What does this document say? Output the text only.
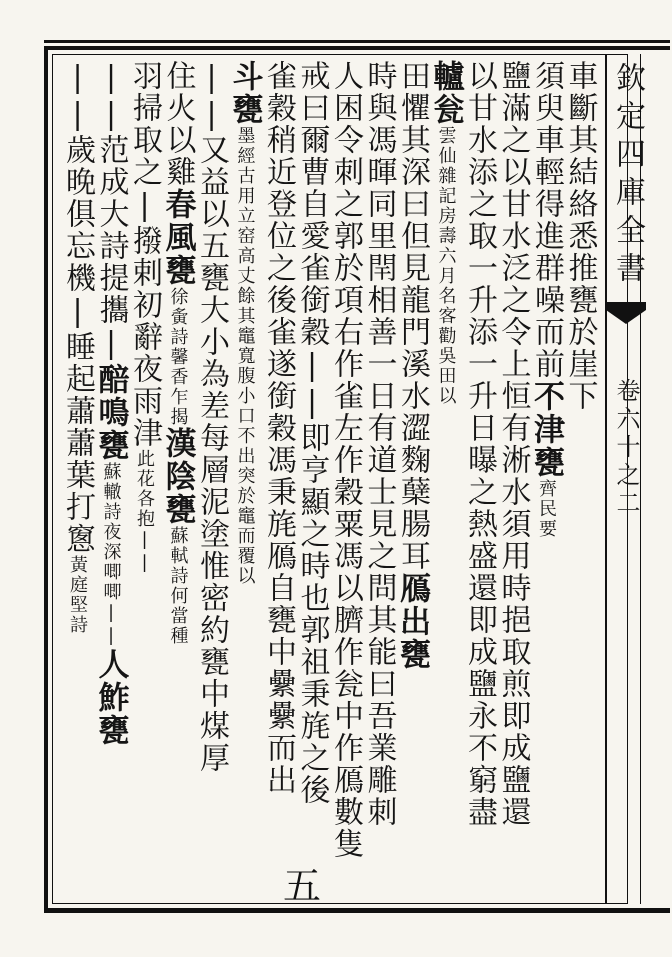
欽定四庫全書
卷六十之二
車斷其結絡悉推甕於崖下
須臾車輕得進群噪而前不津甕齊民要
鹽滿之以甘水泛之令上恒有淅水須用時挹取煎即成鹽還
以甘水添之取一升添一升日曝之熱盛還即成鹽永不窮盡
轤瓮雲仙雜記房壽六月名客勸吳田以
田懼其深曰但見龍門溪水澀麴蘖腸耳鴈出甕
時與馮暉同里閈相善一日有道士見之問其能曰吾業雕刺
人困令刺之郭於項右作雀左作穀粟馮以臍作瓮中作鴈數隻
戒曰爾曹自愛雀銜穀||即亨顯之時也郭祖秉旄之後
雀穀稍近登位之後雀遂銜穀馮秉旄鴈自甕中纍纍而出
斗甕墨經古用立窑高丈餘其竈寬腹小口不出突於竈而覆以
||又益以五甕大小為差每層泥塗惟密約甕中煤厚
住火以雞春風甕徐夤詩馨香乍揭漢陰甕蘇軾詩何當種
羽掃取之|撥剌初辭夜雨津此花各抱||
||范成大詩提攜|醅鳴甕蘇轍詩夜深唧唧||人鮓甕
||歲晚俱忘機|睡起蕭蕭葉打窻黃庭堅詩
五
